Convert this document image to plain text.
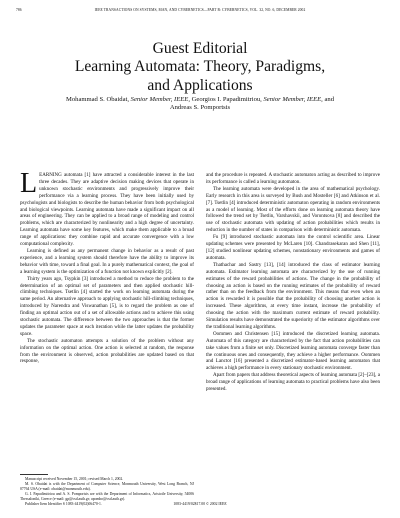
786	IEEE TRANSACTIONS ON SYSTEMS, MAN, AND CYBERNETICS—PART B: CYBERNETICS, VOL. 32, NO. 6, DECEMBER 2002
Guest Editorial
Learning Automata: Theory, Paradigms,
and Applications
Mohammad S. Obaidat, Senior Member, IEEE, Georgios I. Papadimitriou, Senior Member, IEEE, and
Andreas S. Pomportsis

LEARNING automata [1] have attracted a considerable interest in the last three decades. They are adaptive decision making devices that operate in unknown stochastic environments and progressively improve their performance via a learning process. They have been initially used by psychologists and biologists to describe the human behavior from both psychological and biological viewpoints. Learning automata have made a significant impact on all areas of engineering. They can be applied to a broad range of modeling and control problems, which are characterized by nonlinearity and a high degree of uncertainty. Learning automata have some key features, which make them applicable to a broad range of applications: they combine rapid and accurate convergence with a low computational complexity.

Learning is defined as any permanent change in behavior as a result of past experience, and a learning system should therefore have the ability to improve its behavior with time, toward a final goal. In a purely mathematical context, the goal of a learning system is the optimization of a function not known explicitly [2].

Thirty years ago, Tsypkin [3] introduced a method to reduce the problem to the determination of an optimal set of parameters and then applied stochastic hill-climbing techniques. Tsetlin [4] started the work on learning automata during the same period. An alternative approach to applying stochastic hill-climbing techniques, introduced by Narendra and Viswanathan [5], is to regard the problem as one of finding an optimal action out of a set of allowable actions and to achieve this using stochastic automata. The difference between the two approaches is that the former updates the parameter space at each iteration while the latter updates the probability space.

The stochastic automaton attempts a solution of the problem without any information on the optimal action. One action is selected at random, the response from the environment is observed, action probabilities are updated based on that response,

and the procedure is repeated. A stochastic automaton acting as described to improve its performance is called a learning automaton.

The learning automata were developed in the area of mathematical psychology. Early research in this area is surveyed by Bush and Mosteller [6] and Atkinson et al. [7]. Tsetlin [4] introduced deterministic automaton operating in random environments as a model of learning. Most of the efforts done on learning automata theory have followed the trend set by Tsetlin, Varshavskii, and Vorontsova [8] and described the use of stochastic automata with updating of action probabilities which results in reduction in the number of states in comparison with deterministic automata.

Fu [9] introduced stochastic automata into the control scientific area. Linear updating schemes were presented by McLaren [10]. Chandrasekaran and Shen [11], [12] studied nonlinear updating schemes, nonstationary environments and games of automata.

Thathachar and Sastry [13], [14] introduced the class of estimator learning automata. Estimator learning automata are characterized by the use of running estimates of the reward probabilities of actions. The change in the probability of choosing an action is based on the running estimates of the probability of reward rather than on the feedback from the environment. This means that even when an action is rewarded it is possible that the probability of choosing another action is increased. These algorithms, at every time instant, increase the probability of choosing the action with the maximum current estimate of reward probability. Simulation results have demonstrated the superiority of the estimator algorithms over the traditional learning algorithms.

Oommen and Christensen [15] introduced the discretized learning automata. Automata of this category are characterized by the fact that action probabilities can take values from a finite set only. Discretized learning automata converge faster than the continuous ones and consequently, they achieve a higher performance. Oommen and Lanctot [16] presented a discretized estimator-based learning automaton that achieves a high performance in every stationary stochastic environment.

Apart from papers that address theoretical aspects of learning automata [2]–[23], a broad range of applications of learning automata to practical problems have also been presented.

Manuscript received November 15, 2001; revised March 1, 2002.

M. S. Obaidat is with the Department of Computer Science, Monmouth University, West Long Branch, NJ 07764 USA (e-mail: obaidat@monmouth.edu).

G. I. Papadimitriou and A. S. Pomportsis are with the Department of Informatics, Aristotle University, 54006 Thessaloniki, Greece (e-mail: gp@csd.auth.gr; apombo@csd.auth.gr).

Publisher Item Identifier S 1083-4419(02)06470-1.	1083-4419/02$17.00 © 2002 IEEE
